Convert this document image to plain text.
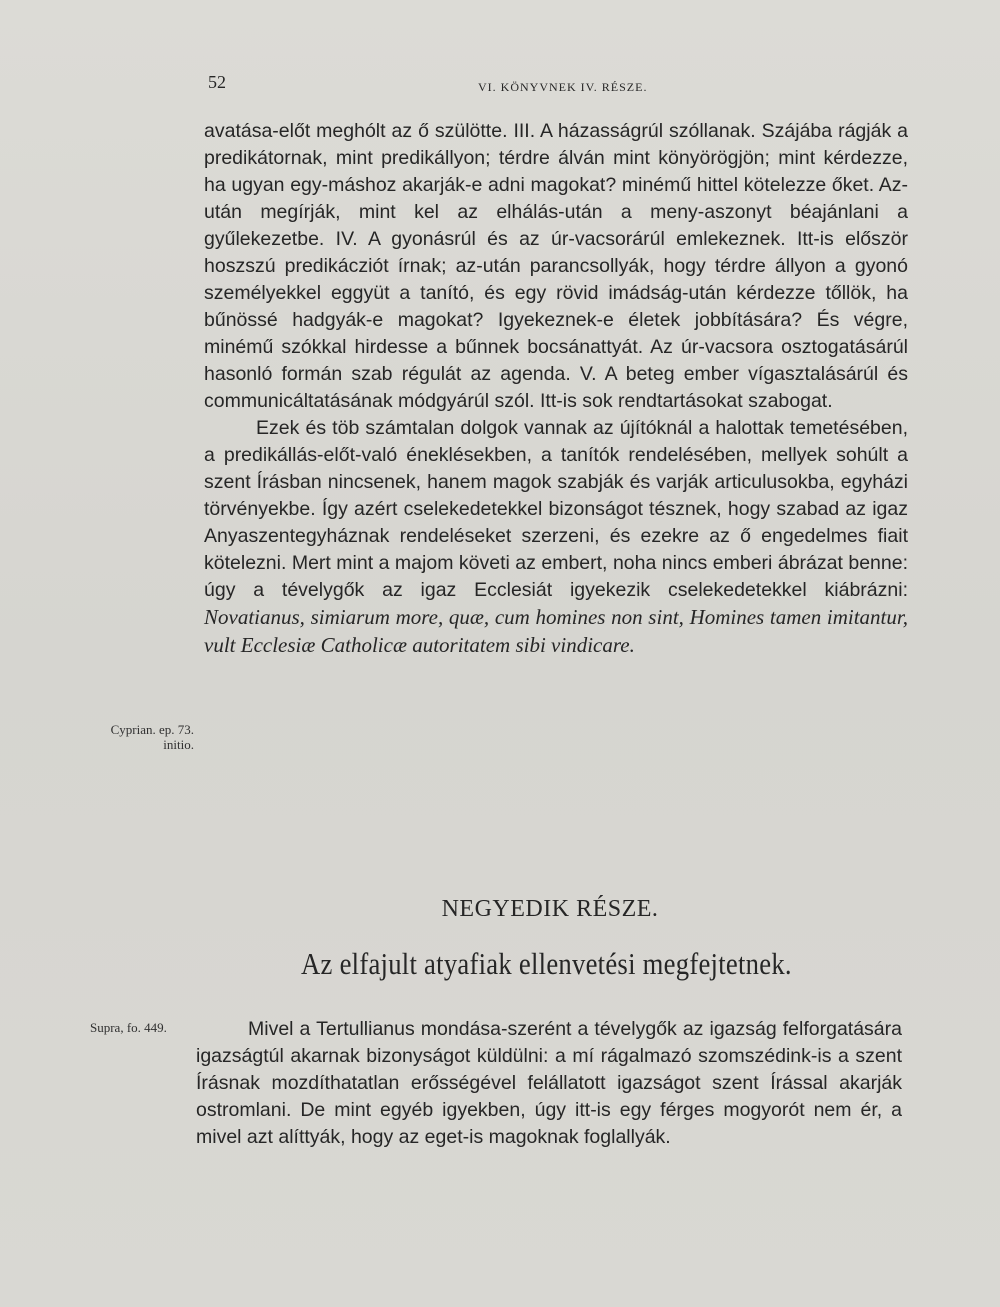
52	VI. KÖNYVNEK IV. RÉSZE.

avatása-előt meghólt az ő szülötte. III. A házasságrúl szóllanak. Szájába rágják a predikátornak, mint predikállyon; térdre álván mint könyörögjön; mint kérdezze, ha ugyan egy-máshoz akarják-e adni magokat? minémű hittel kötelezze őket. Az-után megírják, mint kel az elhálás-után a meny-aszonyt béajánlani a gyűlekezetbe. IV. A gyonásrúl és az úr-vacsorárúl emlekeznek. Itt-is először hoszszú predikácziót írnak; az-után parancsollyák, hogy térdre állyon a gyonó személyekkel eggyüt a tanító, és egy rövid imádság-után kérdezze tőllök, ha bűnössé hadgyák-e magokat? Igyekeznek-e életek jobbítására? És végre, minémű szókkal hirdesse a bűnnek bocsánattyát. Az úr-vacsora osztogatásárúl hasonló formán szab régulát az agenda. V. A beteg ember vígasztalásárúl és communicáltatásának módgyárúl szól. Itt-is sok rendtartásokat szabogat.

Ezek és töb számtalan dolgok vannak az újítóknál a halottak temetésében, a predikállás-előt-való éneklésekben, a tanítók rendelésében, mellyek sohúlt a szent Írásban nincsenek, hanem magok szabják és varják articulusokba, egyházi törvényekbe. Így azért cselekedetekkel bizonságot tésznek, hogy szabad az igaz Anyaszentegyháznak rendeléseket szerzeni, és ezekre az ő engedelmes fiait kötelezni. Mert mint a majom követi az embert, noha nincs emberi ábrázat benne: úgy a tévelygők az igaz Ecclesiát igyekezik cselekedetekkel kiábrázni: Novatianus, simiarum more, quæ, cum homines non sint, Homines tamen imitantur, vult Ecclesiæ Catholicæ autoritatem sibi vindicare.

Cyprian. ep. 73. initio.
NEGYEDIK RÉSZE.
Az elfajult atyafiak ellenvetési megfejtetnek.
Supra, fo. 449.	Mivel a Tertullianus mondása-szerént a tévelygők az igazság felforgatására igazságtúl akarnak bizonyságot küldülni: a mí rágalmazó szomszédink-is a szent Írásnak mozdíthatatlan erősségével felállatott igazságot szent Írással akarják ostromlani. De mint egyéb igyekben, úgy itt-is egy férges mogyorót nem ér, a mivel azt alíttyák, hogy az eget-is magoknak foglallyák.
